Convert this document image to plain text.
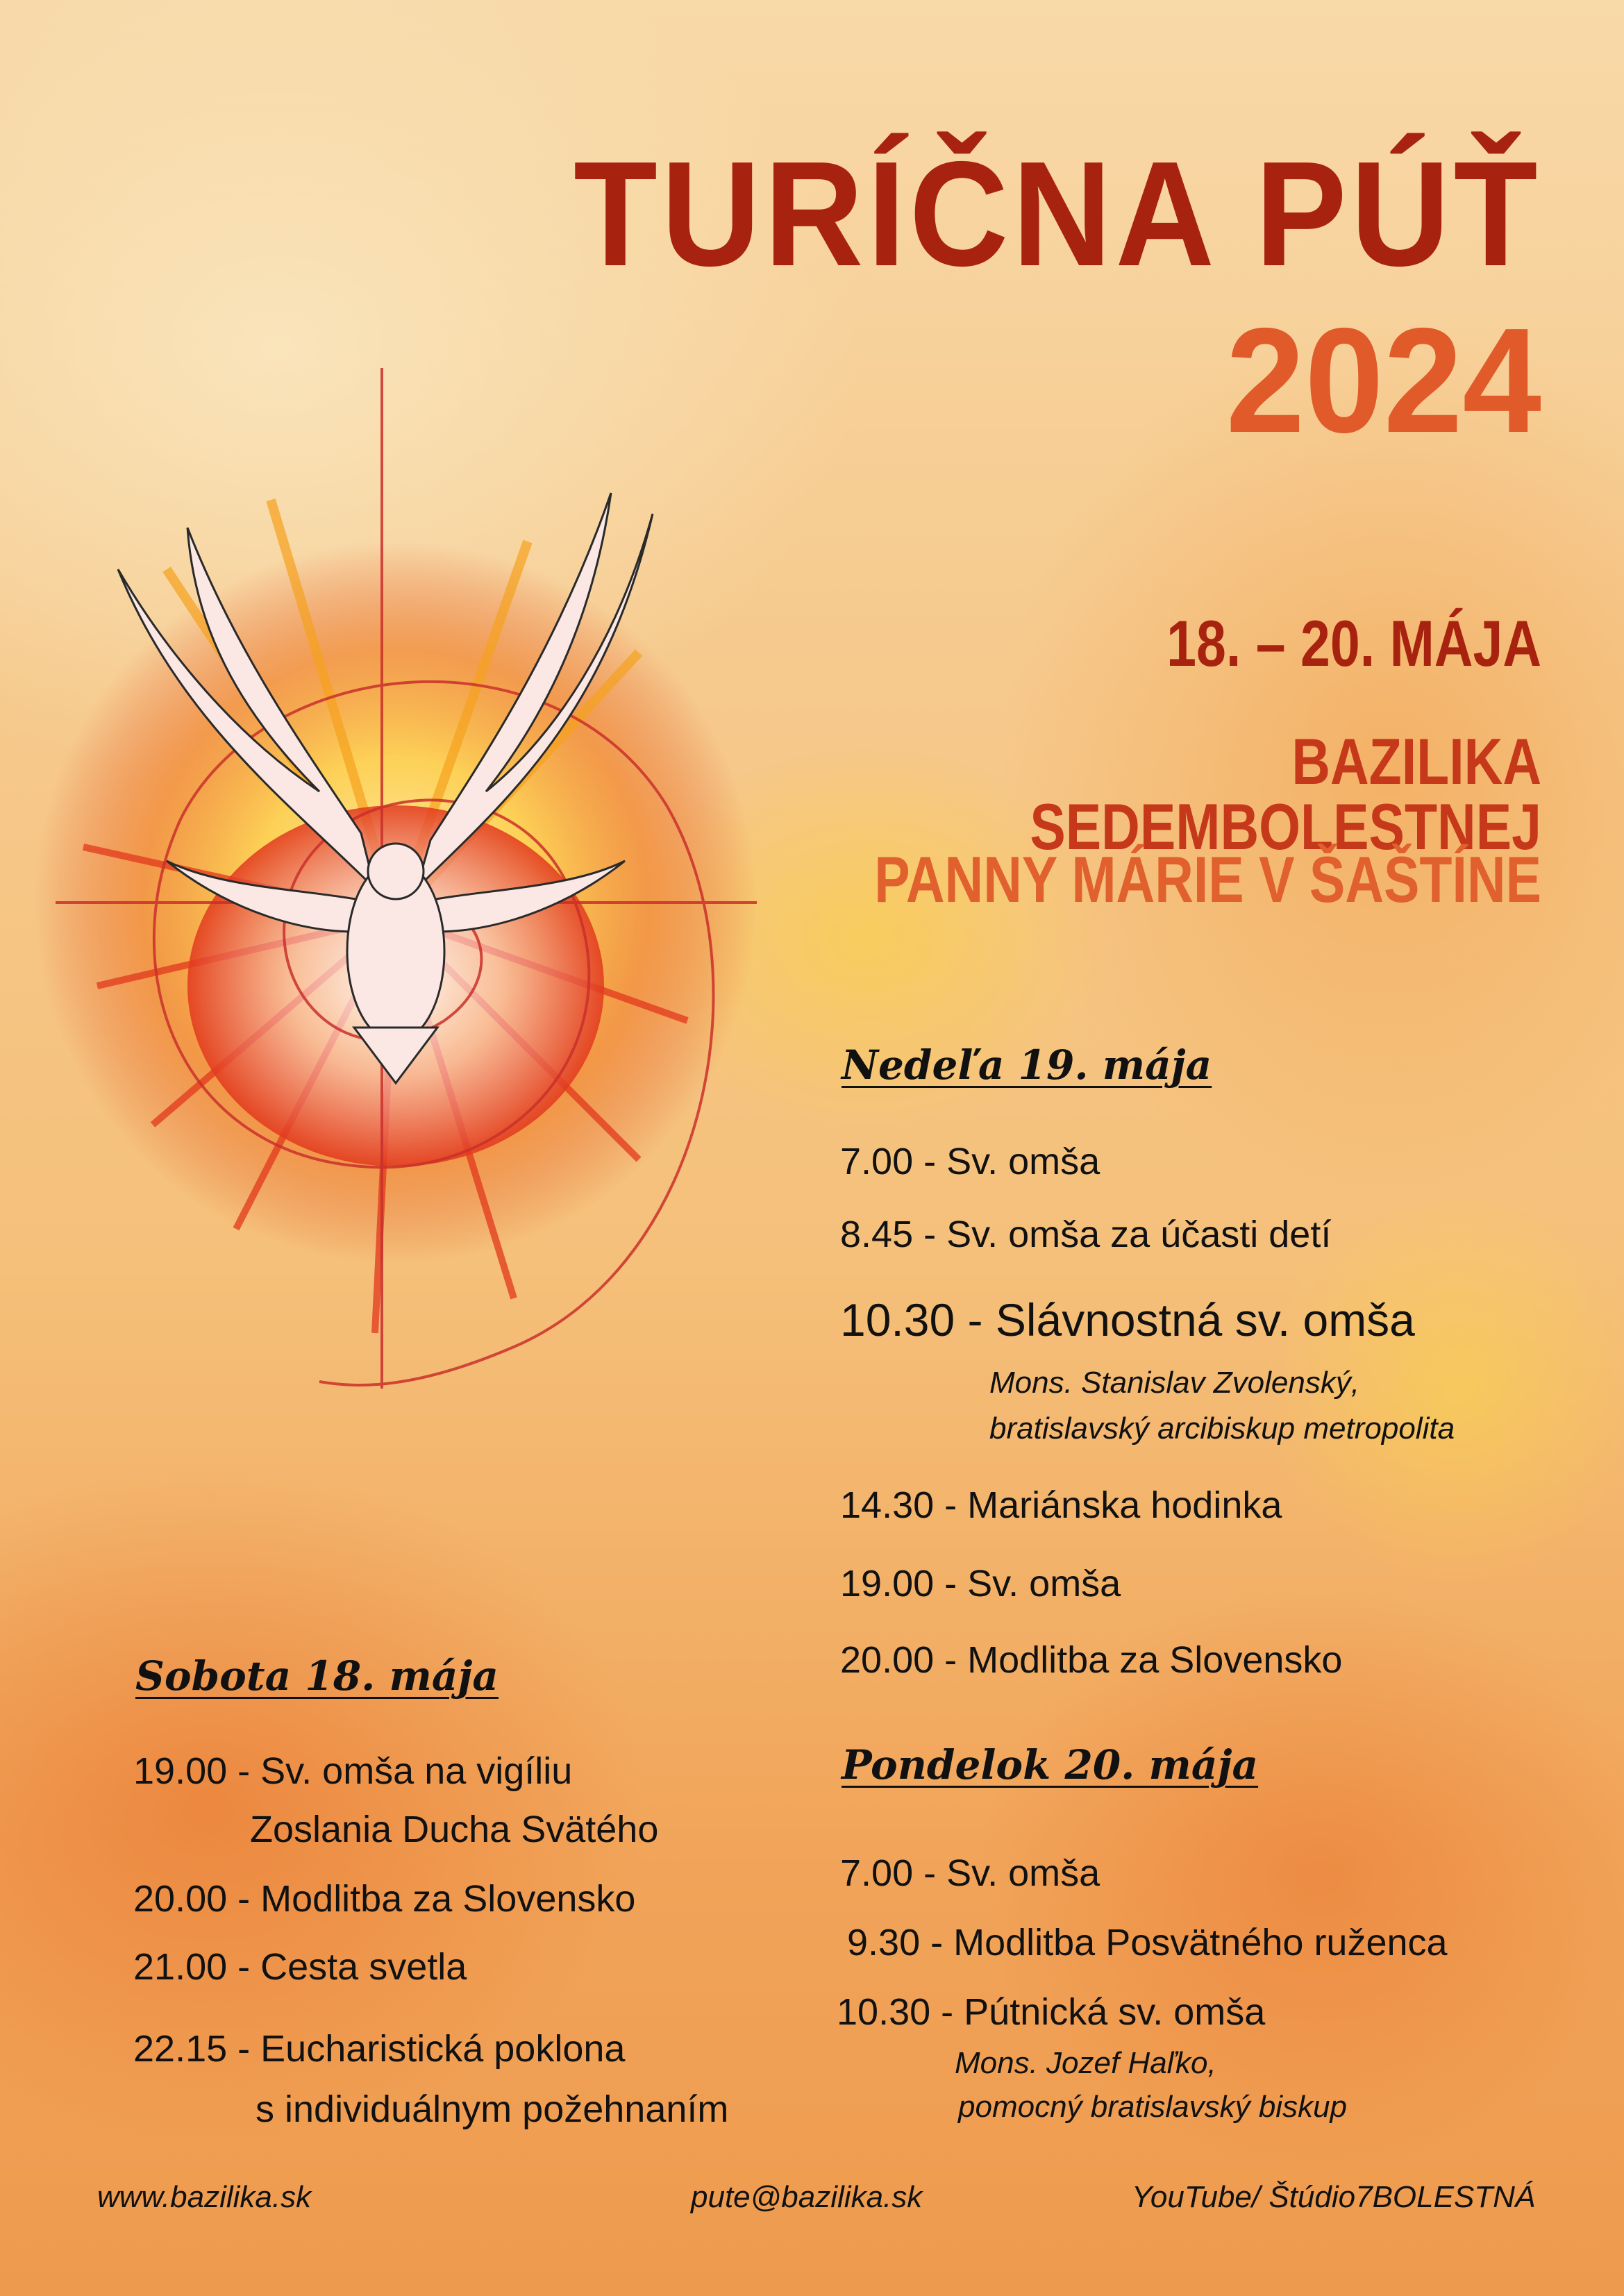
TURÍČNA PÚŤ
2024
18. – 20. MÁJA
BAZILIKA SEDEMBOLESTNEJ
PANNY MÁRIE V ŠAŠTÍNE
Nedeľa 19. mája
7.00 - Sv. omša
8.45 - Sv. omša za účasti detí
10.30 - Slávnostná sv. omša
Mons. Stanislav Zvolenský,
bratislavský arcibiskup metropolita
14.30 - Mariánska hodinka
19.00 - Sv. omša
20.00 - Modlitba za Slovensko
Pondelok 20. mája
7.00 - Sv. omša
9.30 - Modlitba Posvätného ruženca
10.30 - Pútnická sv. omša
Mons. Jozef Haľko,
pomocný bratislavský biskup
Sobota 18. mája
19.00 - Sv. omša na vigíliu
Zoslania Ducha Svätého
20.00 - Modlitba za Slovensko
21.00 - Cesta svetla
22.15 - Eucharistická poklona
s individuálnym požehnaním
www.bazilika.sk	pute@bazilika.sk	YouTube/ Štúdio7BOLESTNÁ
